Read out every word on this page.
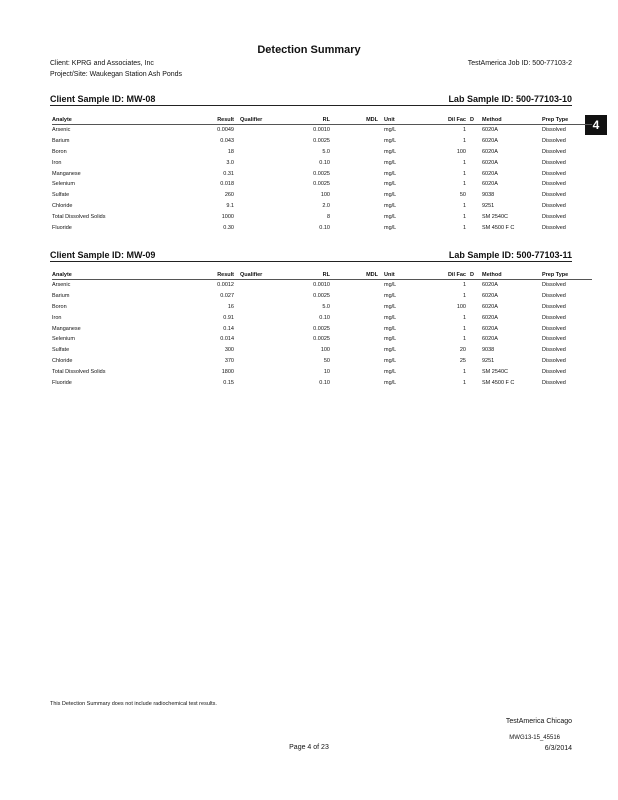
Detection Summary
Client: KPRG and Associates, Inc
Project/Site: Waukegan Station Ash Ponds
TestAmerica Job ID: 500-77103-2
4
Client Sample ID: MW-08	Lab Sample ID: 500-77103-10
Analyte	Result	Qualifier	RL	MDL	Unit	Dil Fac	D	Method	Prep Type
Arsenic	0.0049		0.0010		mg/L	1		6020A	Dissolved
Barium	0.043		0.0025		mg/L	1		6020A	Dissolved
Boron	18		5.0		mg/L	100		6020A	Dissolved
Iron	3.0		0.10		mg/L	1		6020A	Dissolved
Manganese	0.31		0.0025		mg/L	1		6020A	Dissolved
Selenium	0.018		0.0025		mg/L	1		6020A	Dissolved
Sulfate	260		100		mg/L	50		9038	Dissolved
Chloride	9.1		2.0		mg/L	1		9251	Dissolved
Total Dissolved Solids	1000		8		mg/L	1		SM 2540C	Dissolved
Fluoride	0.30		0.10		mg/L	1		SM 4500 F C	Dissolved
Client Sample ID: MW-09	Lab Sample ID: 500-77103-11
Analyte	Result	Qualifier	RL	MDL	Unit	Dil Fac	D	Method	Prep Type
Arsenic	0.0012		0.0010		mg/L	1		6020A	Dissolved
Barium	0.027		0.0025		mg/L	1		6020A	Dissolved
Boron	16		5.0		mg/L	100		6020A	Dissolved
Iron	0.91		0.10		mg/L	1		6020A	Dissolved
Manganese	0.14		0.0025		mg/L	1		6020A	Dissolved
Selenium	0.014		0.0025		mg/L	1		6020A	Dissolved
Sulfate	300		100		mg/L	20		9038	Dissolved
Chloride	370		50		mg/L	25		9251	Dissolved
Total Dissolved Solids	1800		10		mg/L	1		SM 2540C	Dissolved
Fluoride	0.15		0.10		mg/L	1		SM 4500 F C	Dissolved
This Detection Summary does not include radiochemical test results.
TestAmerica Chicago
Page 4 of 23
MWG13-15_45516
6/3/2014
